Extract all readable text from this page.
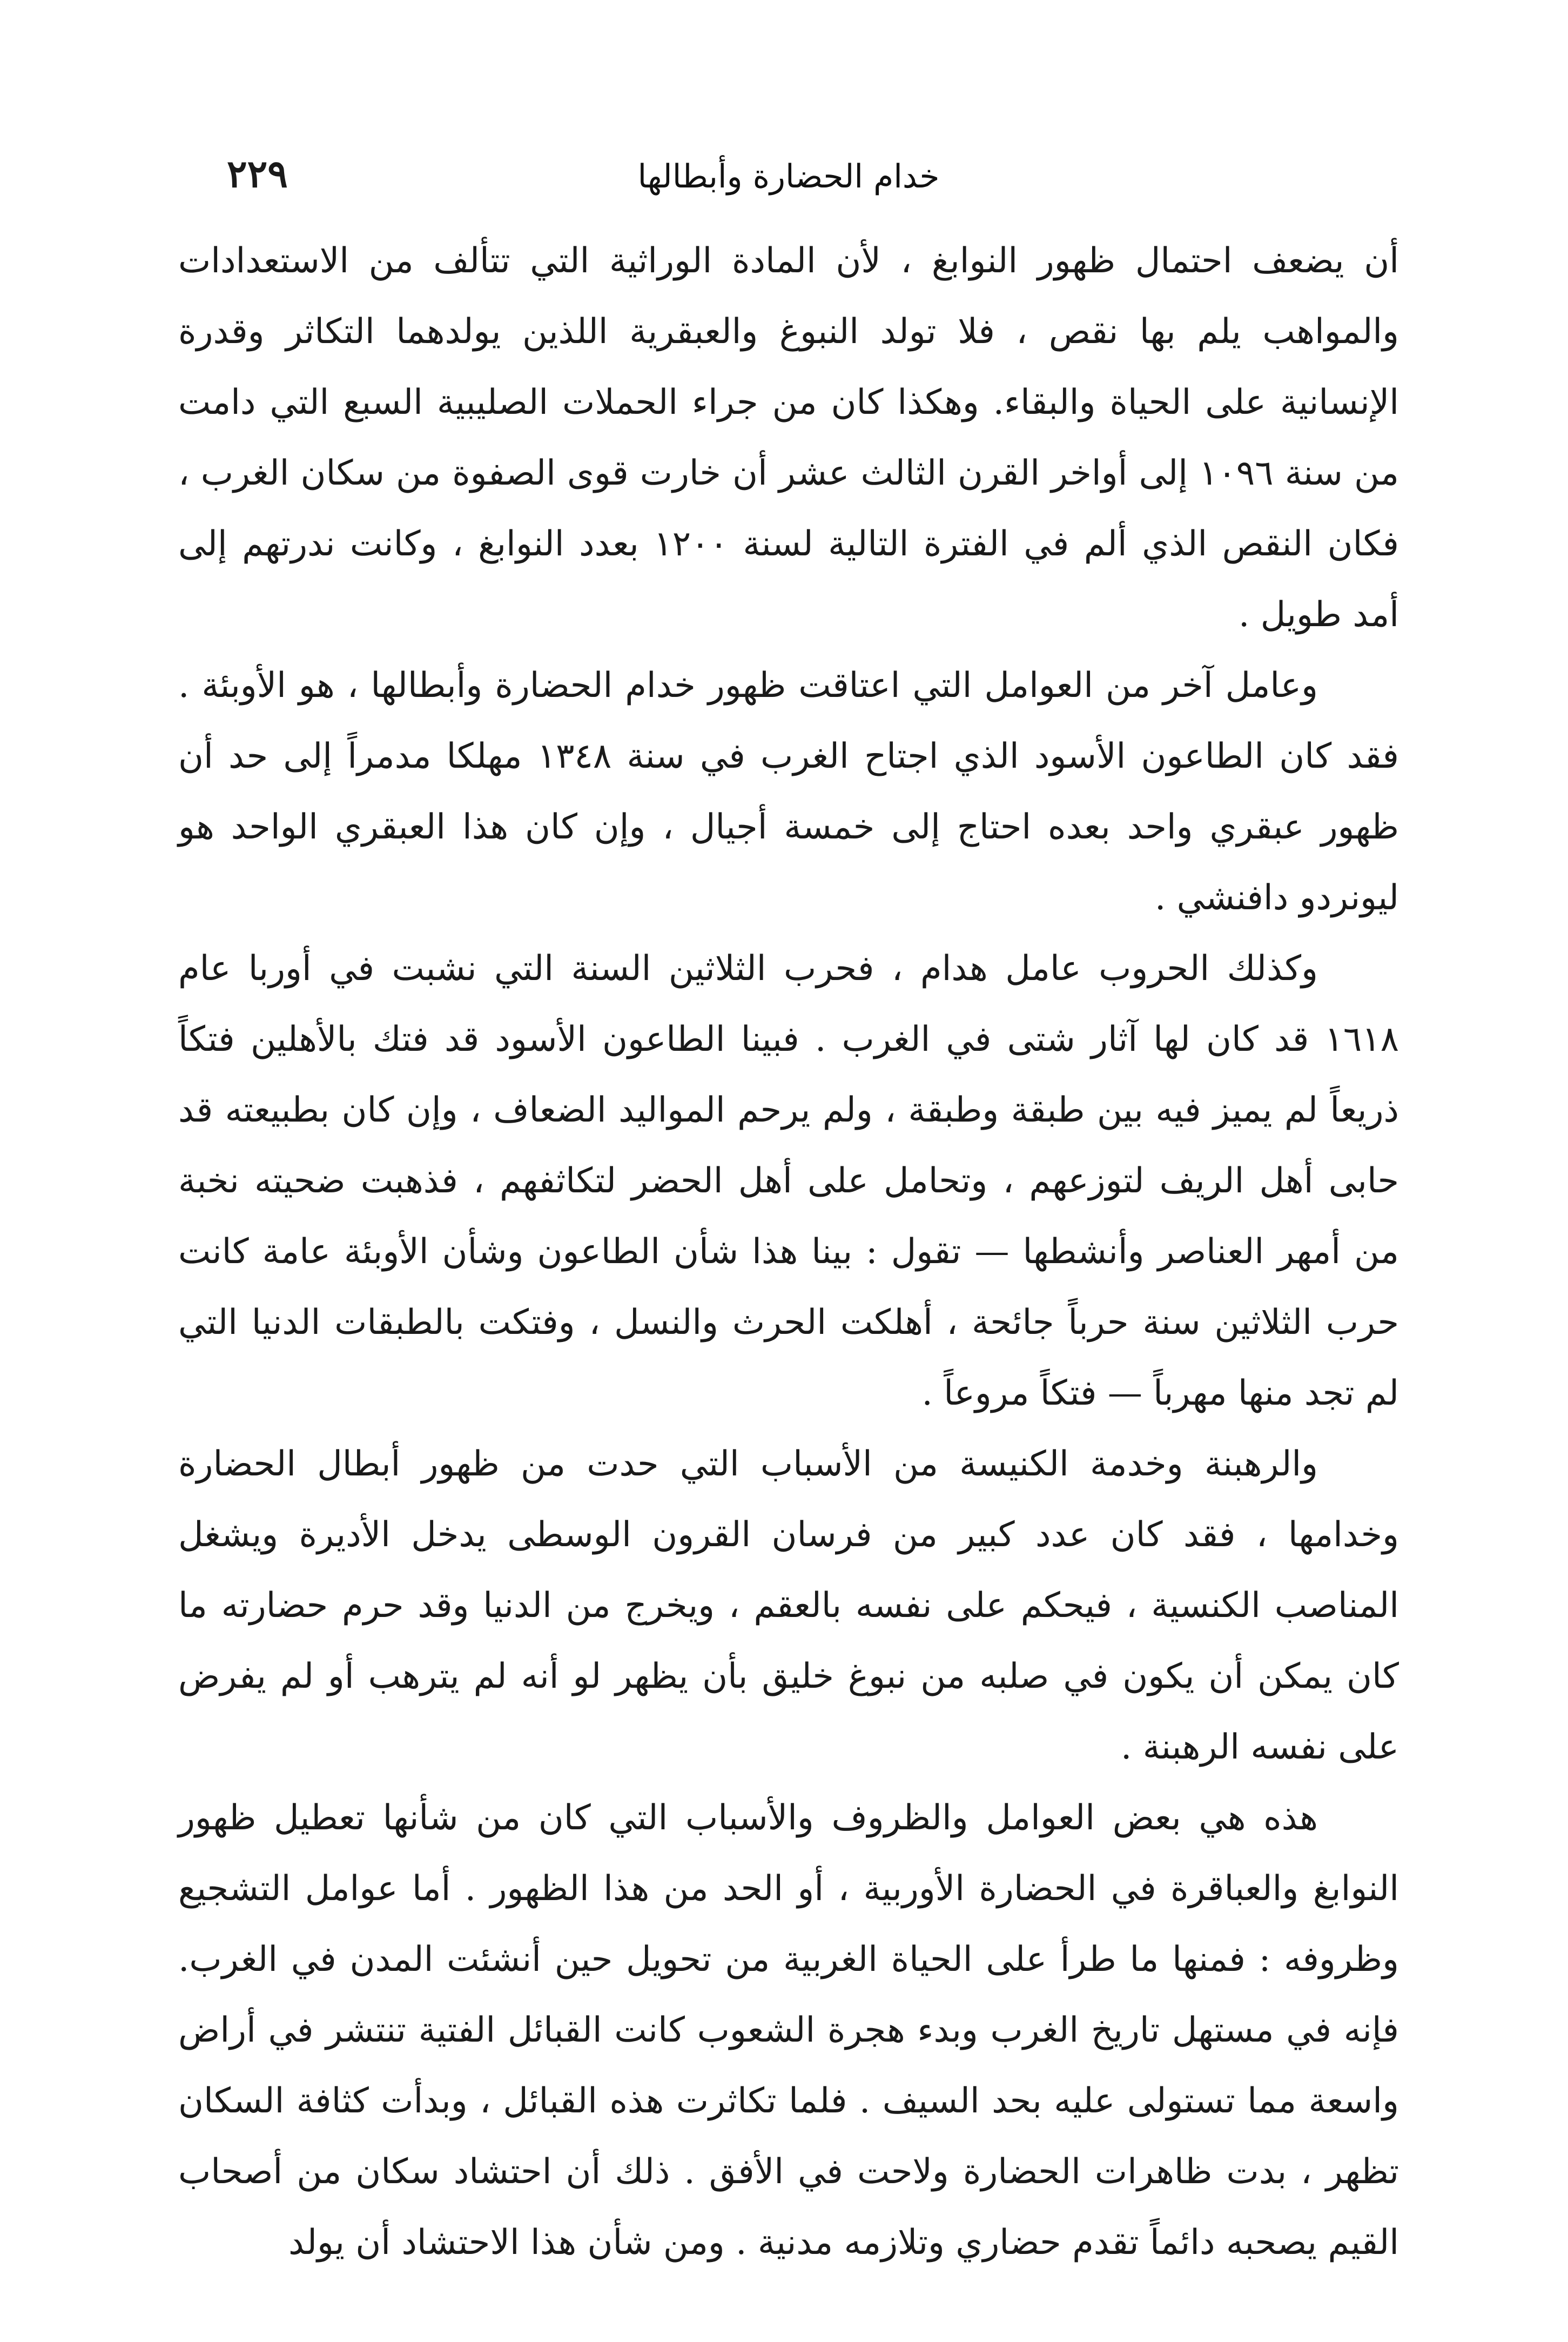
خدام الحضارة وأبطالها
٢٢٩

أن يضعف احتمال ظهور النوابغ ، لأن المادة الوراثية التي تتألف من الاستعدادات والمواهب يلم بها نقص ، فلا تولد النبوغ والعبقرية اللذين يولدهما التكاثر وقدرة الإنسانية على الحياة والبقاء. وهكذا كان من جراء الحملات الصليبية السبع التي دامت من سنة ١٠٩٦ إلى أواخر القرن الثالث عشر أن خارت قوى الصفوة من سكان الغرب ، فكان النقص الذي ألم في الفترة التالية لسنة ١٢٠٠ بعدد النوابغ ، وكانت ندرتهم إلى أمد طويل .

وعامل آخر من العوامل التي اعتاقت ظهور خدام الحضارة وأبطالها ، هو الأوبئة . فقد كان الطاعون الأسود الذي اجتاح الغرب في سنة ١٣٤٨ مهلكا مدمراً إلى حد أن ظهور عبقري واحد بعده احتاج إلى خمسة أجيال ، وإن كان هذا العبقري الواحد هو ليونردو دافنشي .

وكذلك الحروب عامل هدام ، فحرب الثلاثين السنة التي نشبت في أوربا عام ١٦١٨ قد كان لها آثار شتى في الغرب . فبينا الطاعون الأسود قد فتك بالأهلين فتكاً ذريعاً لم يميز فيه بين طبقة وطبقة ، ولم يرحم المواليد الضعاف ، وإن كان بطبيعته قد حابى أهل الريف لتوزعهم ، وتحامل على أهل الحضر لتكاثفهم ، فذهبت ضحيته نخبة من أمهر العناصر وأنشطها — تقول : بينا هذا شأن الطاعون وشأن الأوبئة عامة كانت حرب الثلاثين سنة حرباً جائحة ، أهلكت الحرث والنسل ، وفتكت بالطبقات الدنيا التي لم تجد منها مهرباً — فتكاً مروعاً .

والرهبنة وخدمة الكنيسة من الأسباب التي حدت من ظهور أبطال الحضارة وخدامها ، فقد كان عدد كبير من فرسان القرون الوسطى يدخل الأديرة ويشغل المناصب الكنسية ، فيحكم على نفسه بالعقم ، ويخرج من الدنيا وقد حرم حضارته ما كان يمكن أن يكون في صلبه من نبوغ خليق بأن يظهر لو أنه لم يترهب أو لم يفرض على نفسه الرهبنة .

هذه هي بعض العوامل والظروف والأسباب التي كان من شأنها تعطيل ظهور النوابغ والعباقرة في الحضارة الأوربية ، أو الحد من هذا الظهور . أما عوامل التشجيع وظروفه : فمنها ما طرأ على الحياة الغربية من تحويل حين أنشئت المدن في الغرب. فإنه في مستهل تاريخ الغرب وبدء هجرة الشعوب كانت القبائل الفتية تنتشر في أراض واسعة مما تستولى عليه بحد السيف . فلما تكاثرت هذه القبائل ، وبدأت كثافة السكان تظهر ، بدت ظاهرات الحضارة ولاحت في الأفق . ذلك أن احتشاد سكان من أصحاب القيم يصحبه دائماً تقدم حضاري وتلازمه مدنية . ومن شأن هذا الاحتشاد أن يولد
